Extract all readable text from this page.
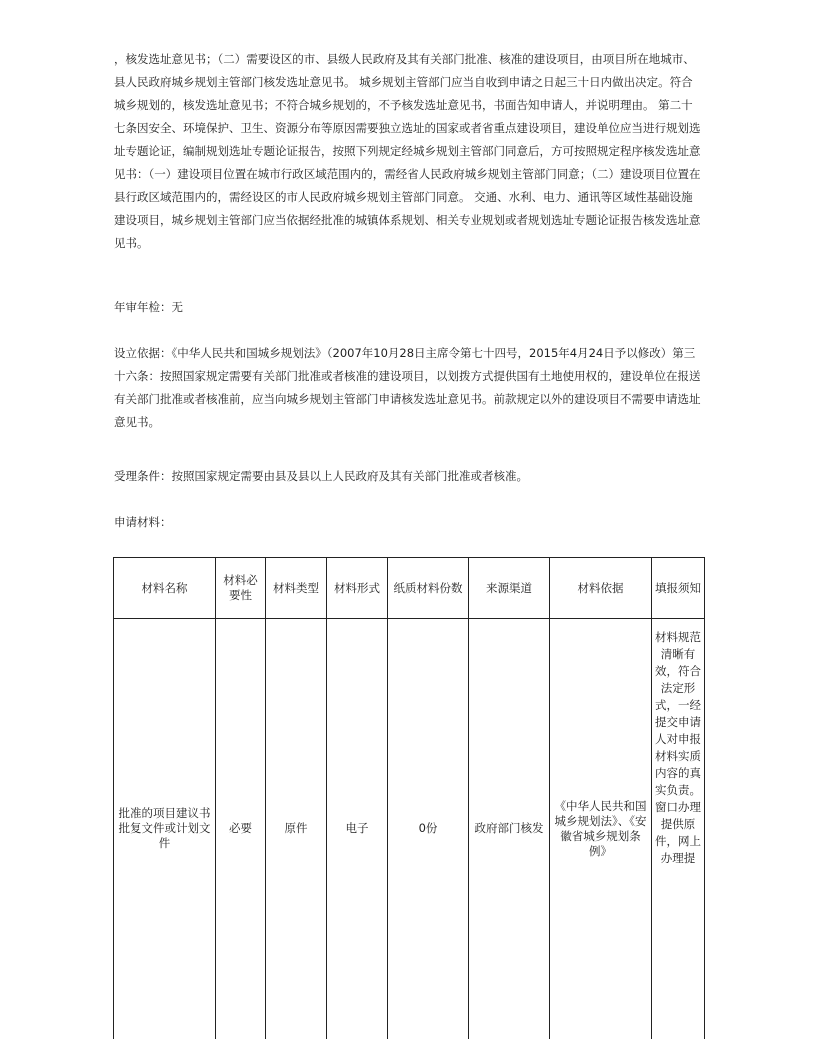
，核发选址意见书；（二）需要设区的市、县级人民政府及其有关部门批准、核准的建设项目，由项目所在地城市、县人民政府城乡规划主管部门核发选址意见书。 城乡规划主管部门应当自收到申请之日起三十日内做出决定。符合城乡规划的，核发选址意见书；不符合城乡规划的，不予核发选址意见书，书面告知申请人，并说明理由。 第二十七条因安全、环境保护、卫生、资源分布等原因需要独立选址的国家或者省重点建设项目，建设单位应当进行规划选址专题论证，编制规划选址专题论证报告，按照下列规定经城乡规划主管部门同意后，方可按照规定程序核发选址意见书：（一）建设项目位置在城市行政区域范围内的，需经省人民政府城乡规划主管部门同意；（二）建设项目位置在县行政区域范围内的，需经设区的市人民政府城乡规划主管部门同意。 交通、水利、电力、通讯等区域性基础设施建设项目，城乡规划主管部门应当依据经批准的城镇体系规划、相关专业规划或者规划选址专题论证报告核发选址意见书。
年审年检：无
设立依据：《中华人民共和国城乡规划法》（2007年10月28日主席令第七十四号，2015年4月24日予以修改）第三十六条：按照国家规定需要有关部门批准或者核准的建设项目，以划拨方式提供国有土地使用权的，建设单位在报送有关部门批准或者核准前，应当向城乡规划主管部门申请核发选址意见书。前款规定以外的建设项目不需要申请选址意见书。
受理条件：按照国家规定需要由县及县以上人民政府及其有关部门批准或者核准。
申请材料：
材料名称	材料必要性	材料类型	材料形式	纸质材料份数	来源渠道	材料依据	填报须知
批准的项目建议书批复文件或计划文件	必要	原件	电子	0份	政府部门核发	《中华人民共和国城乡规划法》、《安徽省城乡规划条例》	材料规范清晰有效，符合法定形式，一经提交申请人对申报材料实质内容的真实负责。窗口办理提供原件，网上办理提
